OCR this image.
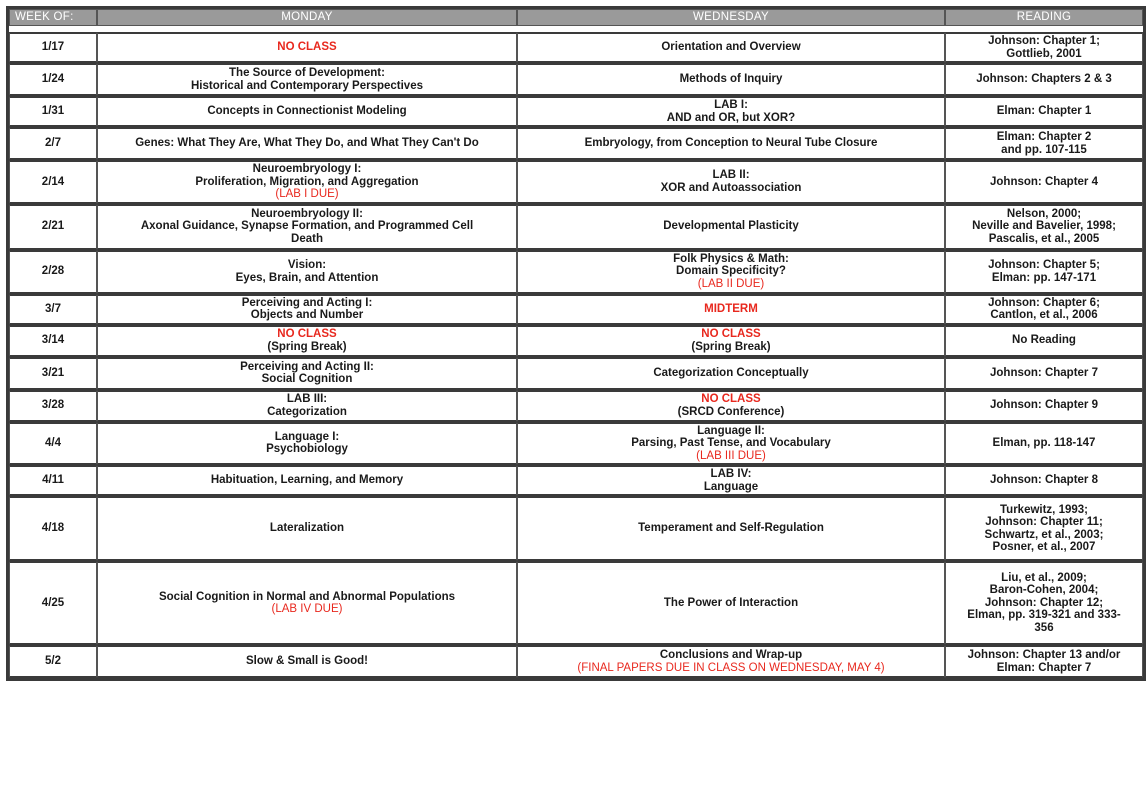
WEEK OF:	MONDAY	WEDNESDAY	READING

1/17	NO CLASS	Orientation and Overview	Johnson: Chapter 1;
Gottlieb, 2001

1/24	The Source of Development:
Historical and Contemporary Perspectives	Methods of Inquiry	Johnson: Chapters 2 & 3

1/31	Concepts in Connectionist Modeling	LAB I:
AND and OR, but XOR?	Elman: Chapter 1

2/7	Genes: What They Are, What They Do, and What They Can't Do	Embryology, from Conception to Neural Tube Closure	Elman: Chapter 2
and pp. 107-115

2/14	Neuroembryology I:
Proliferation, Migration, and Aggregation
(LAB I DUE)	LAB II:
XOR and Autoassociation	Johnson: Chapter 4

2/21	Neuroembryology II:
Axonal Guidance, Synapse Formation, and Programmed Cell
Death	Developmental Plasticity	Nelson, 2000;
Neville and Bavelier, 1998;
Pascalis, et al., 2005

2/28	Vision:
Eyes, Brain, and Attention	Folk Physics & Math:
Domain Specificity?
(LAB II DUE)	Johnson: Chapter 5;
Elman: pp. 147-171

3/7	Perceiving and Acting I:
Objects and Number	MIDTERM	Johnson: Chapter 6;
Cantlon, et al., 2006

3/14	NO CLASS
(Spring Break)	NO CLASS
(Spring Break)	No Reading

3/21	Perceiving and Acting II:
Social Cognition	Categorization Conceptually	Johnson: Chapter 7

3/28	LAB III:
Categorization	NO CLASS
(SRCD Conference)	Johnson: Chapter 9

4/4	Language I:
Psychobiology	Language II:
Parsing, Past Tense, and Vocabulary
(LAB III DUE)	Elman, pp. 118-147

4/11	Habituation, Learning, and Memory	LAB IV:
Language	Johnson: Chapter 8

4/18	Lateralization	Temperament and Self-Regulation	Turkewitz, 1993;
Johnson: Chapter 11;
Schwartz, et al., 2003;
Posner, et al., 2007

4/25	Social Cognition in Normal and Abnormal Populations
(LAB IV DUE)	The Power of Interaction	Liu, et al., 2009;
Baron-Cohen, 2004;
Johnson: Chapter 12;
Elman, pp. 319-321 and 333-
356

5/2	Slow & Small is Good!	Conclusions and Wrap-up
(FINAL PAPERS DUE IN CLASS ON WEDNESDAY, MAY 4)	Johnson: Chapter 13 and/or
Elman: Chapter 7
